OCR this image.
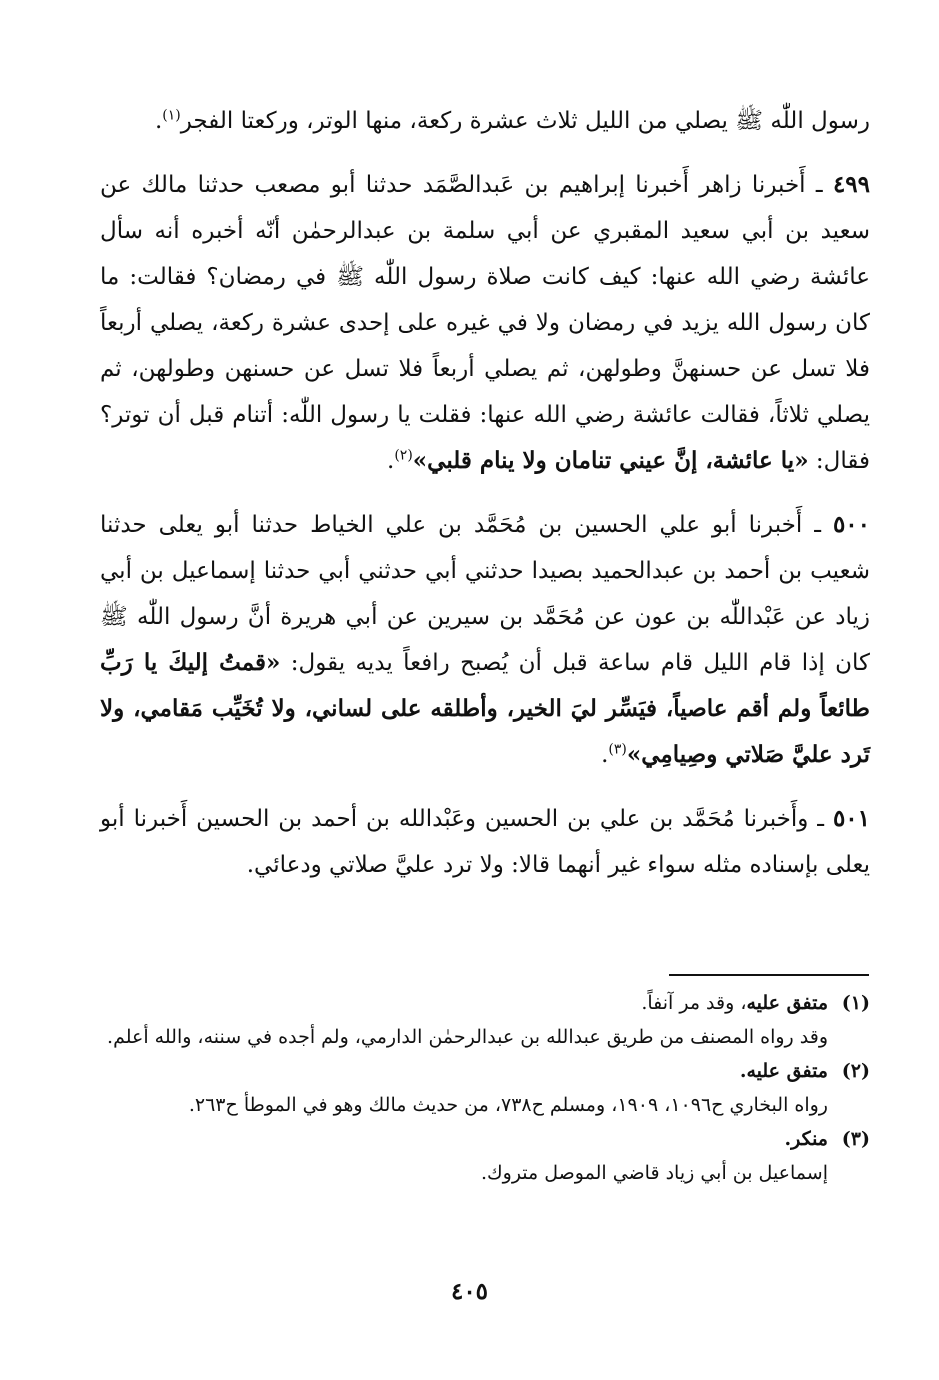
رسول اللّٰه ﷺ يصلي من الليل ثلاث عشرة ركعة، منها الوتر، وركعتا الفجر$^{(١)}$.

٤٩٩ ـ أَخبرنا زاهر أَخبرنا إبراهيم بن عَبدالصَّمَد حدثنا أبو مصعب حدثنا مالك عن سعيد بن أبي سعيد المقبري عن أبي سلمة بن عبدالرحمٰن أنّه أخبره أنه سأل عائشة رضي الله عنها: كيف كانت صلاة رسول اللّٰه ﷺ في رمضان؟ فقالت: ما كان رسول الله يزيد في رمضان ولا في غيره على إحدى عشرة ركعة، يصلي أربعاً فلا تسل عن حسنهنَّ وطولهن، ثم يصلي أربعاً فلا تسل عن حسنهن وطولهن، ثم يصلي ثلاثاً، فقالت عائشة رضي الله عنها: فقلت يا رسول اللّٰه: أتنام قبل أن توتر؟ فقال: «يا عائشة، إنَّ عيني تنامان ولا ينام قلبي»$^{(٢)}$.

٥٠٠ ـ أَخبرنا أبو علي الحسين بن مُحَمَّد بن علي الخياط حدثنا أبو يعلى حدثنا شعيب بن أحمد بن عبدالحميد بصيدا حدثني أبي حدثني أبي حدثنا إسماعيل بن أبي زياد عن عَبْداللّٰه بن عون عن مُحَمَّد بن سيرين عن أبي هريرة أنَّ رسول اللّٰه ﷺ كان إذا قام الليل قام ساعة قبل أن يُصبح رافعاً يديه يقول: «قمتُ إليكَ يا رَبِّ طائعاً ولم أقم عاصياً، فيَسِّر ليَ الخير، وأطلقه على لساني، ولا تُخَيِّب مَقامي، ولا تَرد عليَّ صَلاتي وصِيامِي»$^{(٣)}$.

٥٠١ ـ وأَخبرنا مُحَمَّد بن علي بن الحسين وعَبْدالله بن أحمد بن الحسين أَخبرنا أبو يعلى بإسناده مثله سواء غير أنهما قالا: ولا ترد عليَّ صلاتي ودعائي.

(١)متفق عليه، وقد مر آنفاً.

وقد رواه المصنف من طريق عبدالله بن عبدالرحمٰن الدارمي، ولم أجده في سننه، والله أعلم.

(٢)متفق عليه.

رواه البخاري ح١٠٩٦، ١٩٠٩، ومسلم ح٧٣٨، من حديث مالك وهو في الموطأ ح٢٦٣.

(٣)منكر.

إسماعيل بن أبي زياد قاضي الموصل متروك.

٤٠٥
